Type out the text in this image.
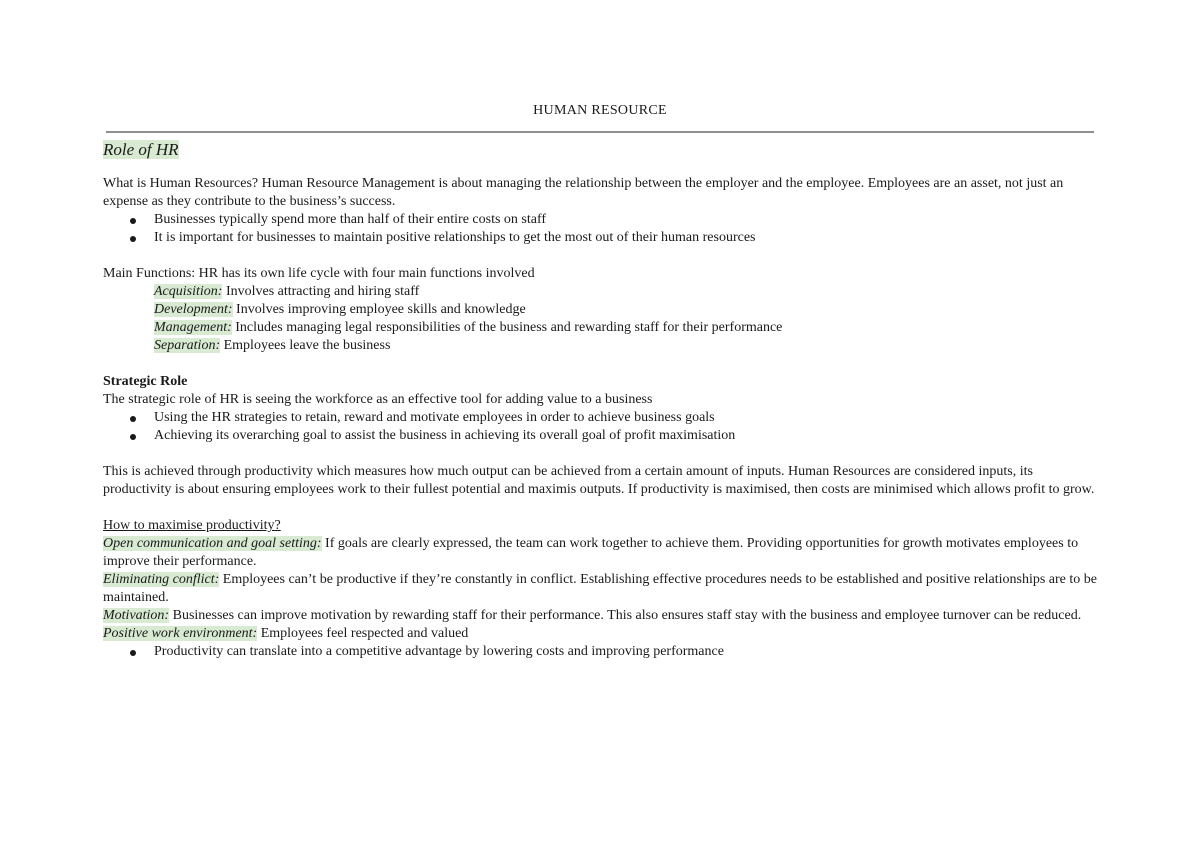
HUMAN RESOURCE

Role of HR

What is Human Resources? Human Resource Management is about managing the relationship between the employer and the employee. Employees are an asset, not just an expense as they contribute to the business’s success.

Businesses typically spend more than half of their entire costs on staff
It is important for businesses to maintain positive relationships to get the most out of their human resources

Main Functions: HR has its own life cycle with four main functions involved

Acquisition: Involves attracting and hiring staff
Development: Involves improving employee skills and knowledge
Management: Includes managing legal responsibilities of the business and rewarding staff for their performance
Separation: Employees leave the business

Strategic Role

The strategic role of HR is seeing the workforce as an effective tool for adding value to a business

Using the HR strategies to retain, reward and motivate employees in order to achieve business goals
Achieving its overarching goal to assist the business in achieving its overall goal of profit maximisation

This is achieved through productivity which measures how much output can be achieved from a certain amount of inputs. Human Resources are considered inputs, its productivity is about ensuring employees work to their fullest potential and maximis outputs. If productivity is maximised, then costs are minimised which allows profit to grow.

How to maximise productivity?

Open communication and goal setting: If goals are clearly expressed, the team can work together to achieve them. Providing opportunities for growth motivates employees to improve their performance.
Eliminating conflict: Employees can’t be productive if they’re constantly in conflict. Establishing effective procedures needs to be established and positive relationships are to be maintained.
Motivation: Businesses can improve motivation by rewarding staff for their performance. This also ensures staff stay with the business and employee turnover can be reduced.
Positive work environment: Employees feel respected and valued
Productivity can translate into a competitive advantage by lowering costs and improving performance
